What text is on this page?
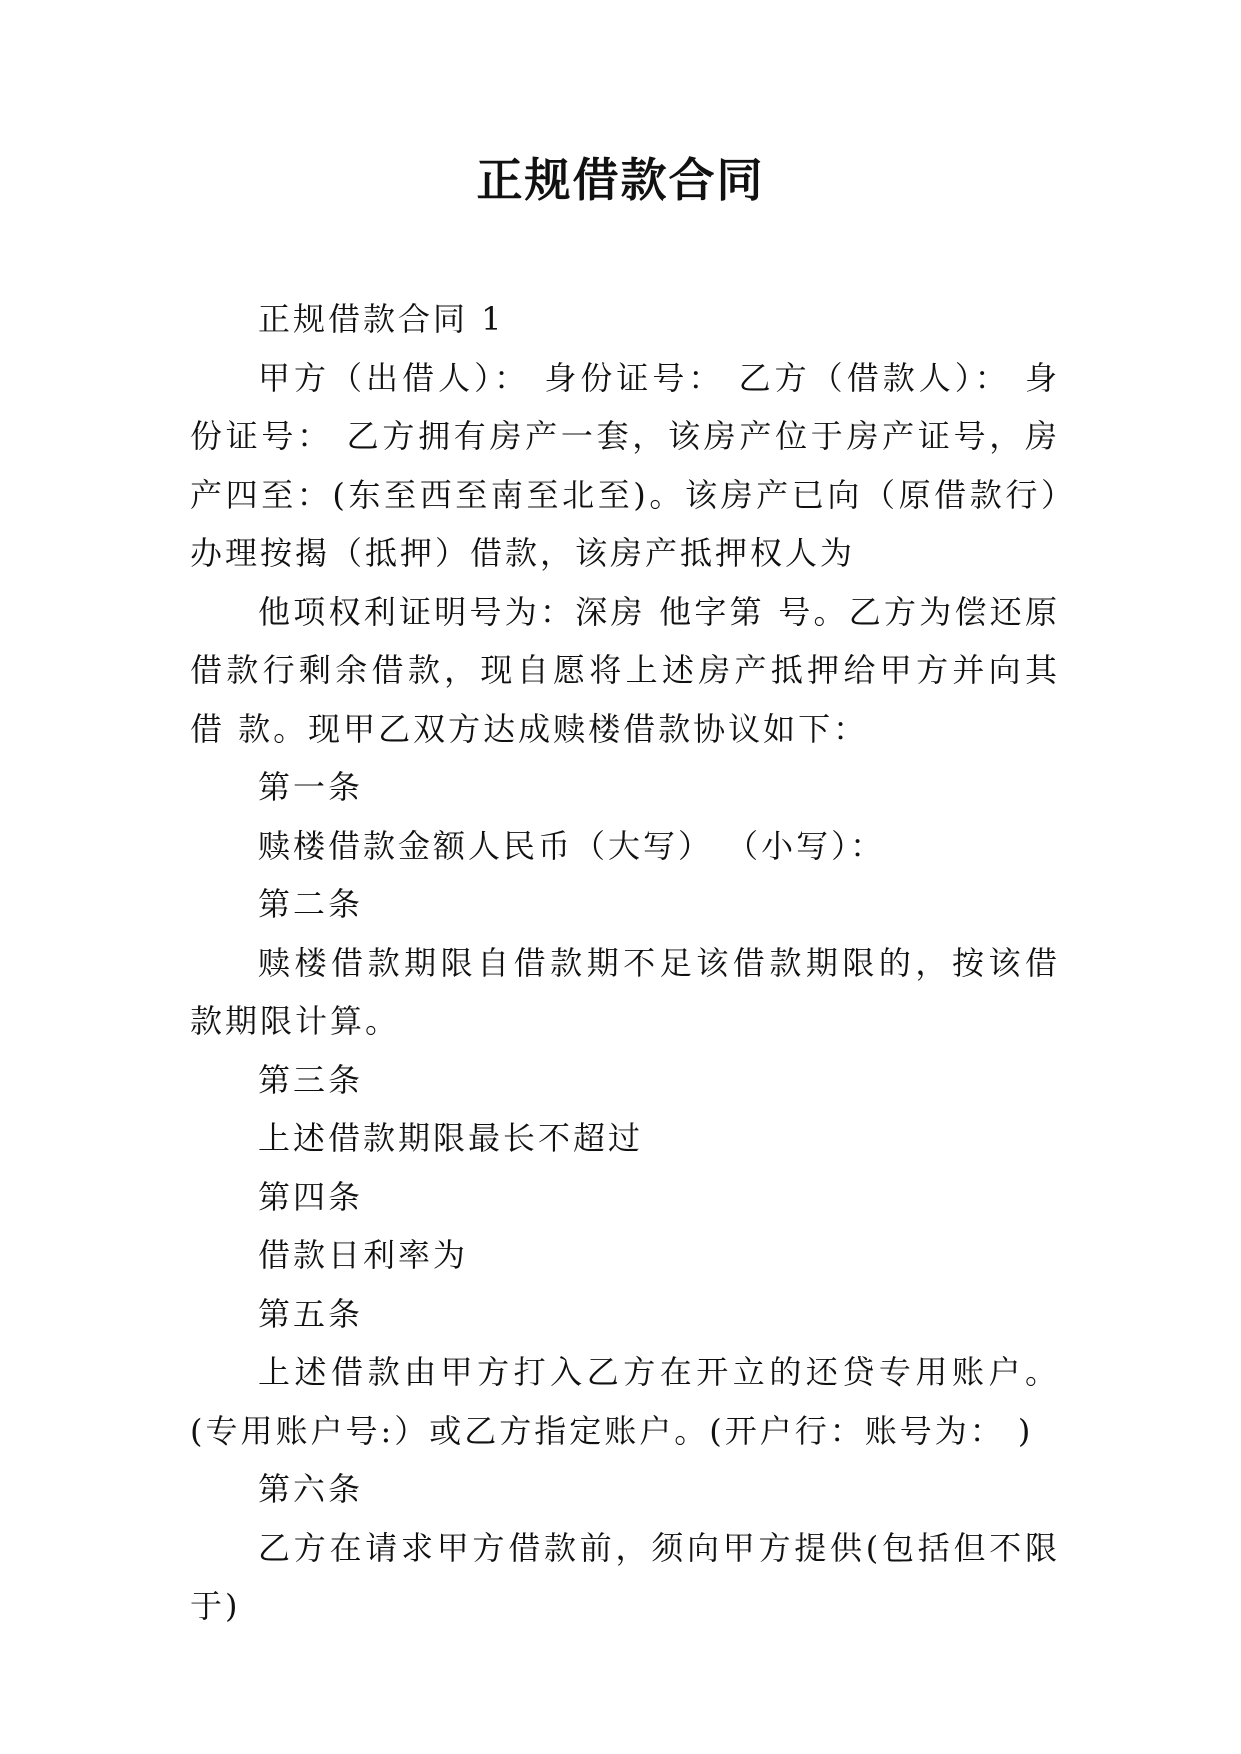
正规借款合同

正规借款合同 1

甲方（出借人）： 身份证号： 乙方（借款人）： 身份证号： 乙方拥有房产一套，该房产位于房产证号，房产四至：(东至西至南至北至)。该房产已向（原借款行）办理按揭（抵押）借款，该房产抵押权人为

他项权利证明号为：深房 他字第 号。乙方为偿还原借款行剩余借款，现自愿将上述房产抵押给甲方并向其借 款。现甲乙双方达成赎楼借款协议如下：

第一条

赎楼借款金额人民币（大写） （小写）：

第二条

赎楼借款期限自借款期不足该借款期限的，按该借款期限计算。

第三条

上述借款期限最长不超过

第四条

借款日利率为

第五条

上述借款由甲方打入乙方在开立的还贷专用账户。(专用账户号:）或乙方指定账户。(开户行：账号为： )

第六条

乙方在请求甲方借款前，须向甲方提供(包括但不限于)
